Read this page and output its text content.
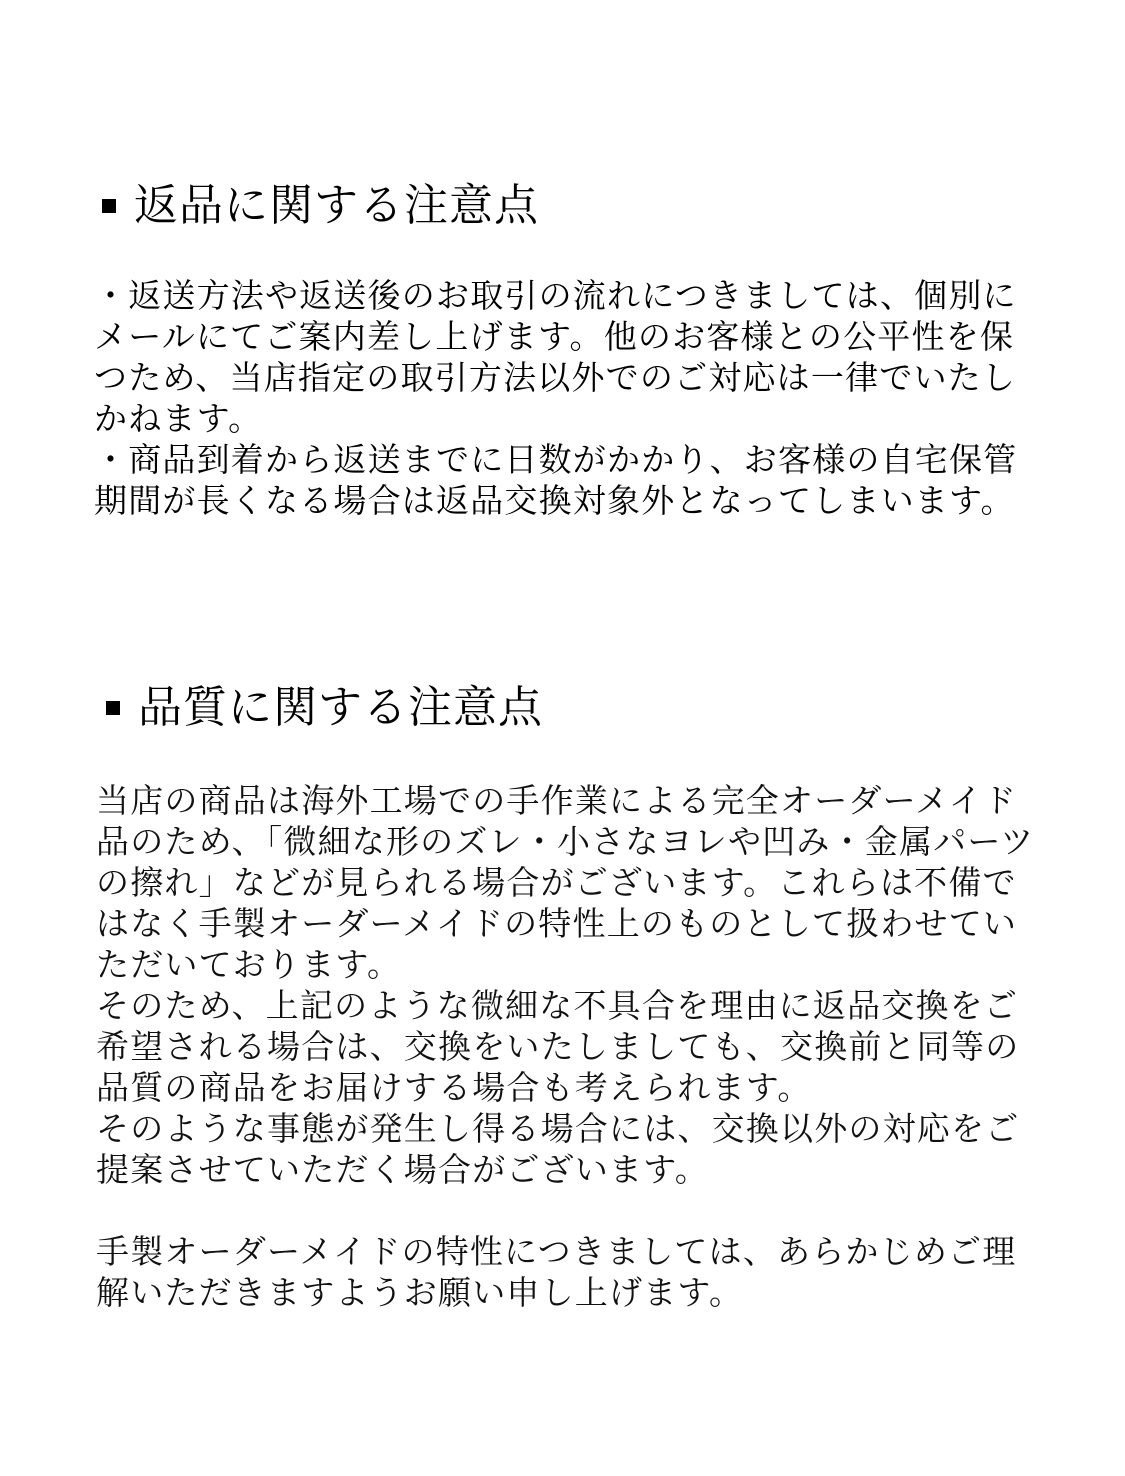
返品に関する注意点
・返送方法や返送後のお取引の流れにつきましては、個別にメールにてご案内差し上げます。他のお客様との公平性を保つため、当店指定の取引方法以外でのご対応は一律でいたしかねます。
・商品到着から返送までに日数がかかり、お客様の自宅保管期間が長くなる場合は返品交換対象外となってしまいます。
品質に関する注意点
当店の商品は海外工場での手作業による完全オーダーメイド品のため、「微細な形のズレ・小さなヨレや凹み・金属パーツの擦れ」などが見られる場合がございます。これらは不備ではなく手製オーダーメイドの特性上のものとして扱わせていただいております。
そのため、上記のような微細な不具合を理由に返品交換をご希望される場合は、交換をいたしましても、交換前と同等の品質の商品をお届けする場合も考えられます。
そのような事態が発生し得る場合には、交換以外の対応をご提案させていただく場合がございます。

手製オーダーメイドの特性につきましては、あらかじめご理解いただきますようお願い申し上げます。
